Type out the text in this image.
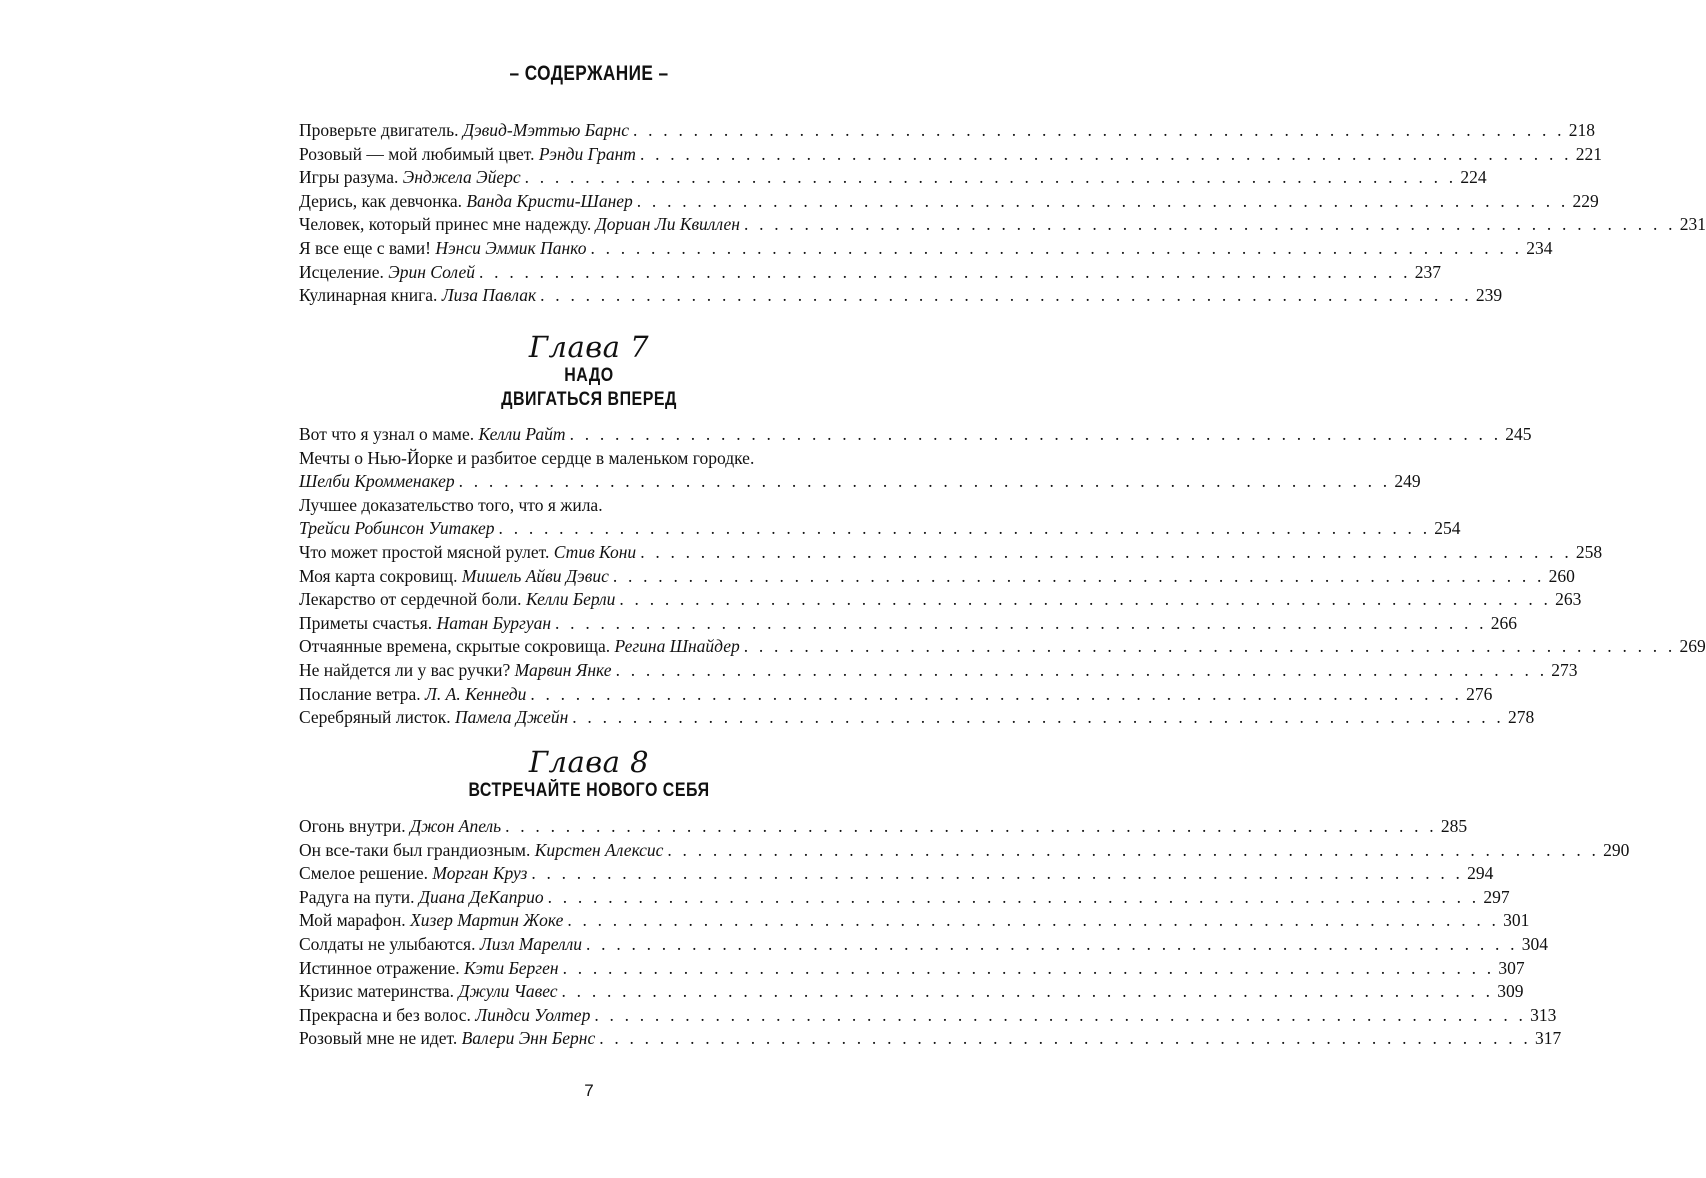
– СОДЕРЖАНИЕ –
Проверьте двигатель.
Дэвид-Мэттью Барнс . . . . . . . . . . . . . . . . . . . . . . . . . . . . . . . . . . . . . . . . . . . . . . . . . . . . . . . . . . . . . . 218
Розовый — мой любимый цвет.
Рэнди Грант . . . . . . . . . . . . . . . . . . . . . . . . . . . . . . . . . . . . . . . . . . . . . . . . . . . . . . . . . . . . . . 221
Игры разума.
Энджела Эйерс . . . . . . . . . . . . . . . . . . . . . . . . . . . . . . . . . . . . . . . . . . . . . . . . . . . . . . . . . . . . . . 224
Дерись, как девчонка.
Ванда Кристи-Шанер . . . . . . . . . . . . . . . . . . . . . . . . . . . . . . . . . . . . . . . . . . . . . . . . . . . . . . . . . . . . . . 229
Человек, который принес мне надежду.
Дориан Ли Квиллен . . . . . . . . . . . . . . . . . . . . . . . . . . . . . . . . . . . . . . . . . . . . . . . . . . . . . . . . . . . . . . 231
Я все еще с вами!
Нэнси Эммик Панко . . . . . . . . . . . . . . . . . . . . . . . . . . . . . . . . . . . . . . . . . . . . . . . . . . . . . . . . . . . . . . 234
Исцеление.
Эрин Солей . . . . . . . . . . . . . . . . . . . . . . . . . . . . . . . . . . . . . . . . . . . . . . . . . . . . . . . . . . . . . . 237
Кулинарная книга.
Лиза Павлак . . . . . . . . . . . . . . . . . . . . . . . . . . . . . . . . . . . . . . . . . . . . . . . . . . . . . . . . . . . . . . 239
Глава 7
НАДО
ДВИГАТЬСЯ ВПЕРЕД
Вот что я узнал о маме.
Келли Райт . . . . . . . . . . . . . . . . . . . . . . . . . . . . . . . . . . . . . . . . . . . . . . . . . . . . . . . . . . . . . . 245
Мечты о Нью-Йорке и разбитое сердце в маленьком городке.
Шелби Кромменакер . . . . . . . . . . . . . . . . . . . . . . . . . . . . . . . . . . . . . . . . . . . . . . . . . . . . . . . . . . . . . . 249
Лучшее доказательство того, что я жила.
Трейси Робинсон Уитакер . . . . . . . . . . . . . . . . . . . . . . . . . . . . . . . . . . . . . . . . . . . . . . . . . . . . . . . . . . . . . . 254
Что может простой мясной рулет.
Стив Кони . . . . . . . . . . . . . . . . . . . . . . . . . . . . . . . . . . . . . . . . . . . . . . . . . . . . . . . . . . . . . . 258
Моя карта сокровищ.
Мишель Айви Дэвис . . . . . . . . . . . . . . . . . . . . . . . . . . . . . . . . . . . . . . . . . . . . . . . . . . . . . . . . . . . . . . 260
Лекарство от сердечной боли.
Келли Берли . . . . . . . . . . . . . . . . . . . . . . . . . . . . . . . . . . . . . . . . . . . . . . . . . . . . . . . . . . . . . . 263
Приметы счастья.
Натан Бургуан . . . . . . . . . . . . . . . . . . . . . . . . . . . . . . . . . . . . . . . . . . . . . . . . . . . . . . . . . . . . . . 266
Отчаянные времена, скрытые сокровища.
Регина Шнайдер . . . . . . . . . . . . . . . . . . . . . . . . . . . . . . . . . . . . . . . . . . . . . . . . . . . . . . . . . . . . . . 269
Не найдется ли у вас ручки?
Марвин Янке . . . . . . . . . . . . . . . . . . . . . . . . . . . . . . . . . . . . . . . . . . . . . . . . . . . . . . . . . . . . . . 273
Послание ветра.
Л. А. Кеннеди . . . . . . . . . . . . . . . . . . . . . . . . . . . . . . . . . . . . . . . . . . . . . . . . . . . . . . . . . . . . . . 276
Серебряный листок.
Памела Джейн . . . . . . . . . . . . . . . . . . . . . . . . . . . . . . . . . . . . . . . . . . . . . . . . . . . . . . . . . . . . . . 278
Глава 8
ВСТРЕЧАЙТЕ НОВОГО СЕБЯ
Огонь внутри.
Джон Апель . . . . . . . . . . . . . . . . . . . . . . . . . . . . . . . . . . . . . . . . . . . . . . . . . . . . . . . . . . . . . . 285
Он все-таки был грандиозным.
Кирстен Алексис . . . . . . . . . . . . . . . . . . . . . . . . . . . . . . . . . . . . . . . . . . . . . . . . . . . . . . . . . . . . . . 290
Смелое решение.
Морган Круз . . . . . . . . . . . . . . . . . . . . . . . . . . . . . . . . . . . . . . . . . . . . . . . . . . . . . . . . . . . . . . 294
Радуга на пути.
Диана ДеКаприо . . . . . . . . . . . . . . . . . . . . . . . . . . . . . . . . . . . . . . . . . . . . . . . . . . . . . . . . . . . . . . 297
Мой марафон.
Хизер Мартин Жоке . . . . . . . . . . . . . . . . . . . . . . . . . . . . . . . . . . . . . . . . . . . . . . . . . . . . . . . . . . . . . . 301
Солдаты не улыбаются.
Лизл Марелли . . . . . . . . . . . . . . . . . . . . . . . . . . . . . . . . . . . . . . . . . . . . . . . . . . . . . . . . . . . . . . 304
Истинное отражение.
Кэти Берген . . . . . . . . . . . . . . . . . . . . . . . . . . . . . . . . . . . . . . . . . . . . . . . . . . . . . . . . . . . . . . 307
Кризис материнства.
Джули Чавес . . . . . . . . . . . . . . . . . . . . . . . . . . . . . . . . . . . . . . . . . . . . . . . . . . . . . . . . . . . . . . 309
Прекрасна и без волос.
Линдси Уолтер . . . . . . . . . . . . . . . . . . . . . . . . . . . . . . . . . . . . . . . . . . . . . . . . . . . . . . . . . . . . . . 313
Розовый мне не идет.
Валери Энн Бернс . . . . . . . . . . . . . . . . . . . . . . . . . . . . . . . . . . . . . . . . . . . . . . . . . . . . . . . . . . . . . . 317
7
